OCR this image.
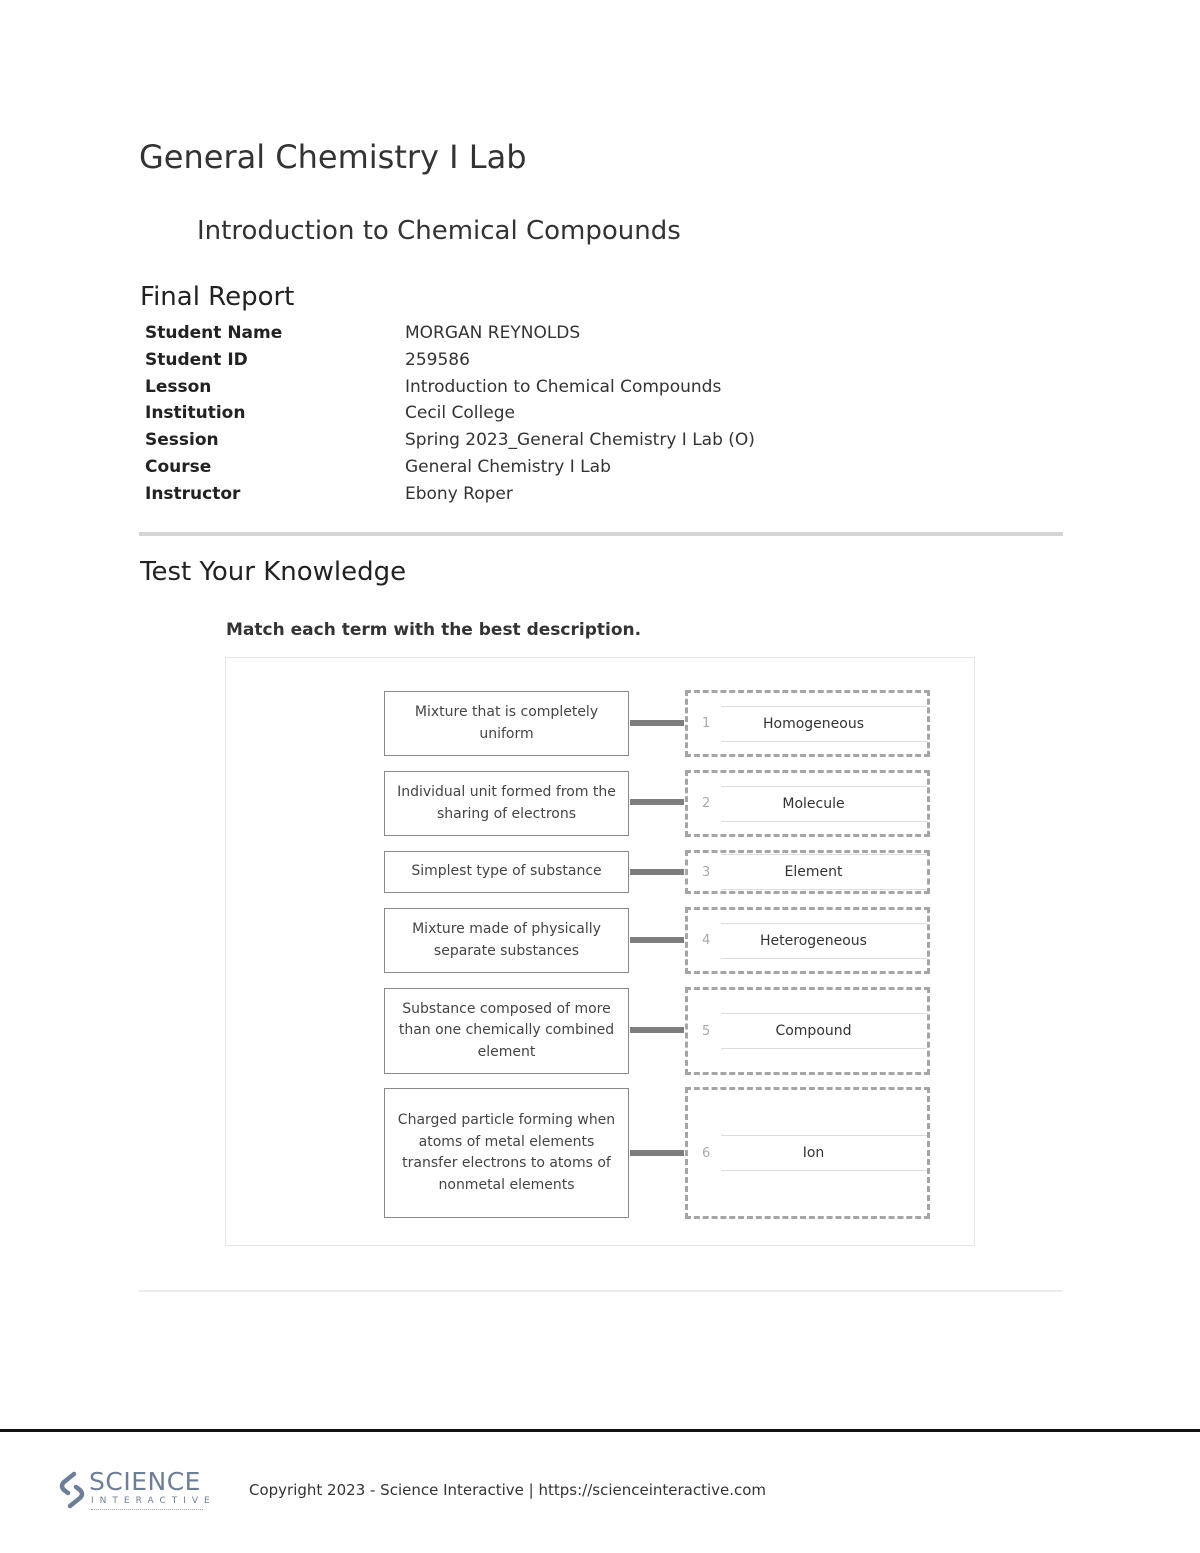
General Chemistry I Lab
Introduction to Chemical Compounds
Final Report
Student Name	MORGAN REYNOLDS
Student ID	259586
Lesson	Introduction to Chemical Compounds
Institution	Cecil College
Session	Spring 2023_General Chemistry I Lab (O)
Course	General Chemistry I Lab
Instructor	Ebony Roper
Test Your Knowledge
Match each term with the best description.
Mixture that is completely uniform
1	Homogeneous
Individual unit formed from the sharing of electrons
2	Molecule
Simplest type of substance	3	Element
Mixture made of physically separate substances
4	Heterogeneous
Substance composed of more than one chemically combined element
5	Compound
Charged particle forming when atoms of metal elements transfer electrons to atoms of nonmetal elements
6	Ion
SCIENCE
INTERACTIVE
Copyright 2023 - Science Interactive | https://scienceinteractive.com
